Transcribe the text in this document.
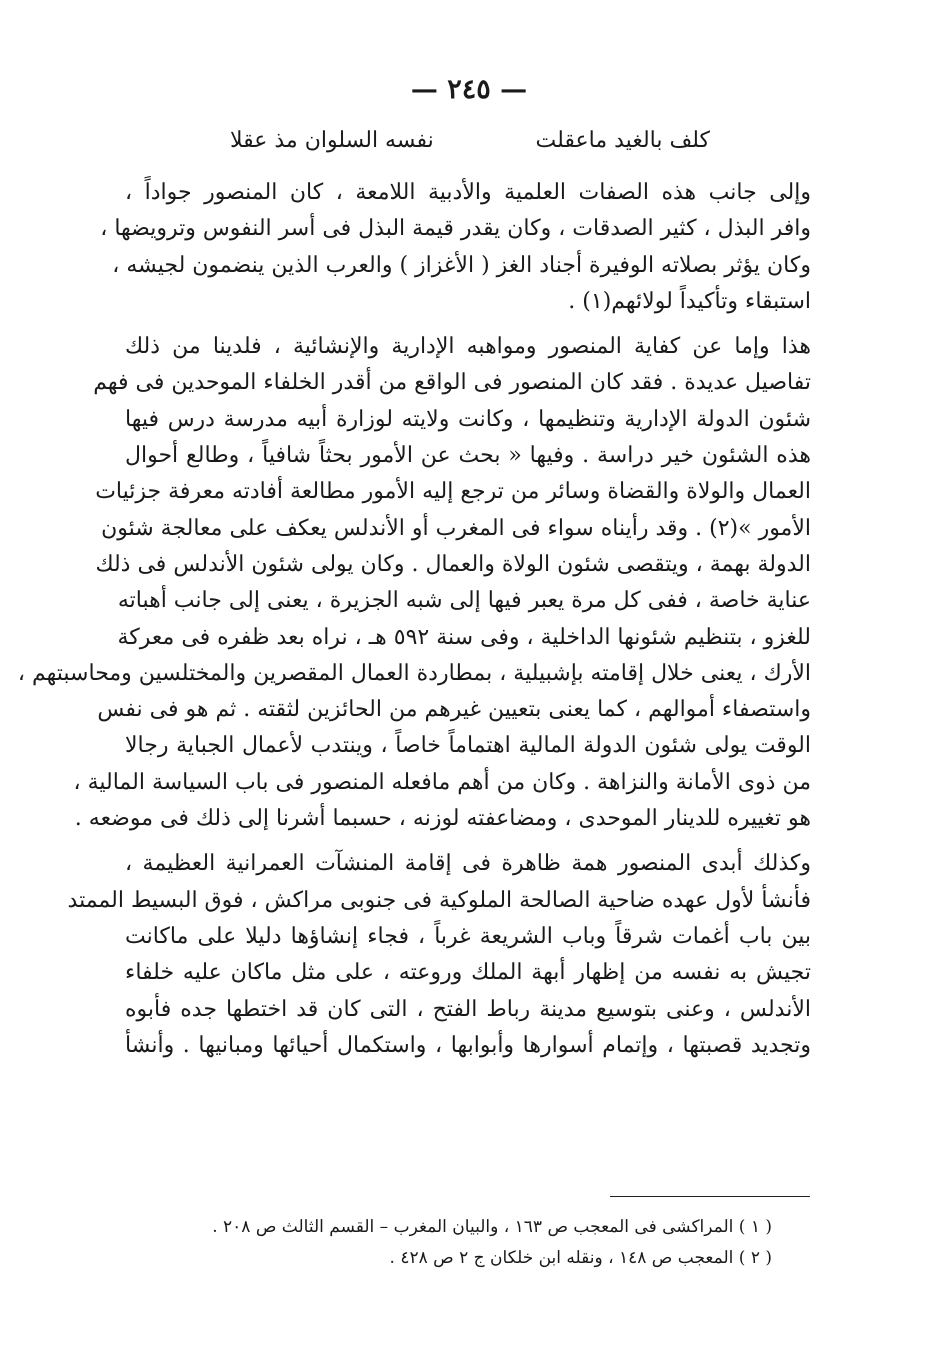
— ٢٤٥ —
كلف بالغيد ماعقلت
نفسه السلوان مذ عقلا
وإلى جانب هذه الصفات العلمية والأدبية اللامعة ، كان المنصور جواداً ،
وافر البذل ، كثير الصدقات ، وكان يقدر قيمة البذل فى أسر النفوس وترويضها ،
وكان يؤثر بصلاته الوفيرة أجناد الغز ( الأغزاز ) والعرب الذين ينضمون لجيشه ،
استبقاء وتأكيداً لولائهم(١) .
هذا وإما عن كفاية المنصور ومواهبه الإدارية والإنشائية ، فلدينا من ذلك
تفاصيل عديدة . فقد كان المنصور فى الواقع من أقدر الخلفاء الموحدين فى فهم
شئون الدولة الإدارية وتنظيمها ، وكانت ولايته لوزارة أبيه مدرسة درس فيها
هذه الشئون خير دراسة . وفيها « بحث عن الأمور بحثاً شافياً ، وطالع أحوال
العمال والولاة والقضاة وسائر من ترجع إليه الأمور مطالعة أفادته معرفة جزئيات
الأمور »(٢) . وقد رأيناه سواء فى المغرب أو الأندلس يعكف على معالجة شئون
الدولة بهمة ، ويتقصى شئون الولاة والعمال . وكان يولى شئون الأندلس فى ذلك
عناية خاصة ، ففى كل مرة يعبر فيها إلى شبه الجزيرة ، يعنى إلى جانب أهباته
للغزو ، بتنظيم شئونها الداخلية ، وفى سنة ٥٩٢ هـ ، نراه بعد ظفره فى معركة
الأرك ، يعنى خلال إقامته بإشبيلية ، بمطاردة العمال المقصرين والمختلسين ومحاسبتهم ،
واستصفاء أموالهم ، كما يعنى بتعيين غيرهم من الحائزين لثقته . ثم هو فى نفس
الوقت يولى شئون الدولة المالية اهتماماً خاصاً ، وينتدب لأعمال الجباية رجالا
من ذوى الأمانة والنزاهة . وكان من أهم مافعله المنصور فى باب السياسة المالية ،
هو تغييره للدينار الموحدى ، ومضاعفته لوزنه ، حسبما أشرنا إلى ذلك فى موضعه .
وكذلك أبدى المنصور همة ظاهرة فى إقامة المنشآت العمرانية العظيمة ،
فأنشأ لأول عهده ضاحية الصالحة الملوكية فى جنوبى مراكش ، فوق البسيط الممتد
بين باب أغمات شرقاً وباب الشريعة غرباً ، فجاء إنشاؤها دليلا على ماكانت
تجيش به نفسه من إظهار أبهة الملك وروعته ، على مثل ماكان عليه خلفاء
الأندلس ، وعنى بتوسيع مدينة رباط الفتح ، التى كان قد اختطها جده فأبوه
وتجديد قصبتها ، وإتمام أسوارها وأبوابها ، واستكمال أحيائها ومبانيها . وأنشأ
( ١ ) المراكشى فى المعجب ص ١٦٣ ، والبيان المغرب – القسم الثالث ص ٢٠٨ .
( ٢ ) المعجب ص ١٤٨ ، ونقله ابن خلكان ج ٢ ص ٤٢٨ .
